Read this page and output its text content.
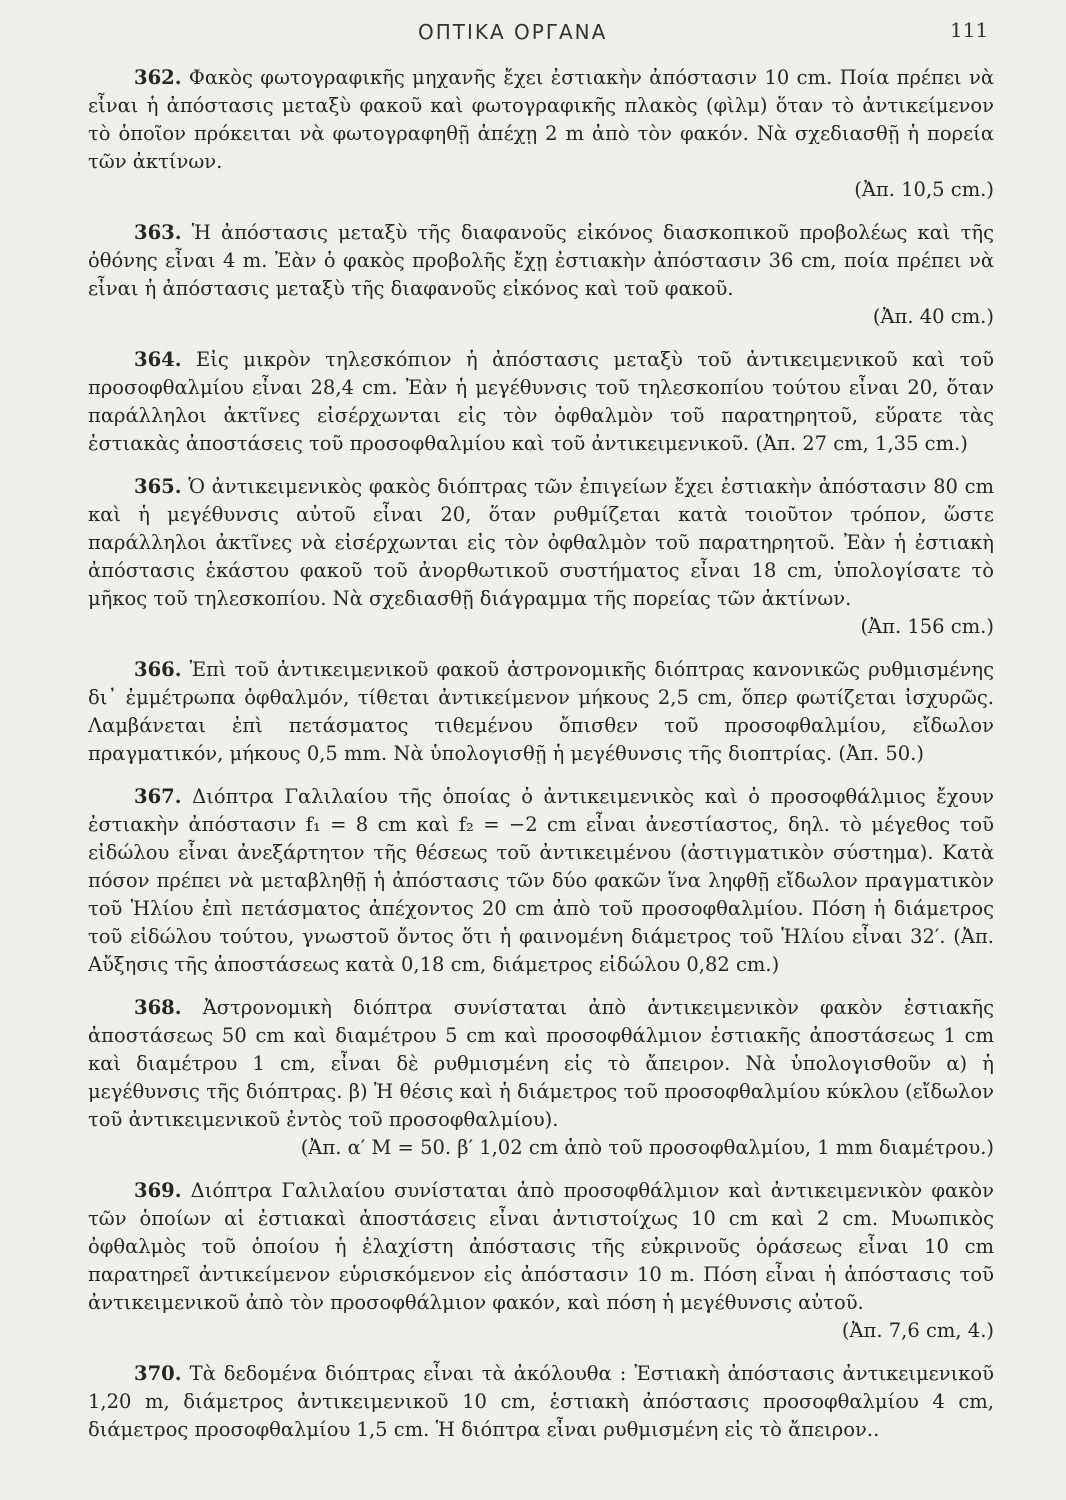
ΟΠΤΙΚΑ ΟΡΓΑΝΑ	111

362. Φακὸς φωτογραφικῆς μηχανῆς ἔχει ἐστιακὴν ἀπόστασιν 10 cm. Ποία πρέπει νὰ εἶναι ἡ ἀπόστασις μεταξὺ φακοῦ καὶ φωτογραφικῆς πλακὸς (φὶλμ) ὅταν τὸ ἀντικείμενον τὸ ὁποῖον πρόκειται νὰ φωτογραφηθῇ ἀπέχῃ 2 m ἀπὸ τὸν φακόν. Νὰ σχεδιασθῇ ἡ πορεία τῶν ἀκτίνων.
(Ἀπ. 10,5 cm.)

363. Ἡ ἀπόστασις μεταξὺ τῆς διαφανοῦς εἰκόνος διασκοπικοῦ προβολέως καὶ τῆς ὀθόνης εἶναι 4 m. Ἐὰν ὁ φακὸς προβολῆς ἔχῃ ἐστιακὴν ἀπόστασιν 36 cm, ποία πρέπει νὰ εἶναι ἡ ἀπόστασις μεταξὺ τῆς διαφανοῦς εἰκόνος καὶ τοῦ φακοῦ.
(Ἀπ. 40 cm.)

364. Εἰς μικρὸν τηλεσκόπιον ἡ ἀπόστασις μεταξὺ τοῦ ἀντικειμενικοῦ καὶ τοῦ προσοφθαλμίου εἶναι 28,4 cm. Ἐὰν ἡ μεγέθυνσις τοῦ τηλεσκοπίου τούτου εἶναι 20, ὅταν παράλληλοι ἀκτῖνες εἰσέρχωνται εἰς τὸν ὀφθαλμὸν τοῦ παρατηρητοῦ, εὕρατε τὰς ἐστιακὰς ἀποστάσεις τοῦ προσοφθαλμίου καὶ τοῦ ἀντικειμενικοῦ. (Ἀπ. 27 cm, 1,35 cm.)

365. Ὁ ἀντικειμενικὸς φακὸς διόπτρας τῶν ἐπιγείων ἔχει ἐστιακὴν ἀπόστασιν 80 cm καὶ ἡ μεγέθυνσις αὐτοῦ εἶναι 20, ὅταν ρυθμίζεται κατὰ τοιοῦτον τρόπον, ὥστε παράλληλοι ἀκτῖνες νὰ εἰσέρχωνται εἰς τὸν ὀφθαλμὸν τοῦ παρατηρητοῦ. Ἐὰν ἡ ἐστιακὴ ἀπόστασις ἑκάστου φακοῦ τοῦ ἀνορθωτικοῦ συστήματος εἶναι 18 cm, ὑπολογίσατε τὸ μῆκος τοῦ τηλεσκοπίου. Νὰ σχεδιασθῇ διάγραμμα τῆς πορείας τῶν ἀκτίνων.
(Ἀπ. 156 cm.)

366. Ἐπὶ τοῦ ἀντικειμενικοῦ φακοῦ ἀστρονομικῆς διόπτρας κανονικῶς ρυθμισμένης δι᾽ ἐμμέτρωπα ὀφθαλμόν, τίθεται ἀντικείμενον μήκους 2,5 cm, ὅπερ φωτίζεται ἰσχυρῶς. Λαμβάνεται ἐπὶ πετάσματος τιθεμένου ὄπισθεν τοῦ προσοφθαλμίου, εἴδωλον πραγματικόν, μήκους 0,5 mm. Νὰ ὑπολογισθῇ ἡ μεγέθυνσις τῆς διοπτρίας. (Ἀπ. 50.)

367. Διόπτρα Γαλιλαίου τῆς ὁποίας ὁ ἀντικειμενικὸς καὶ ὁ προσοφθάλμιος ἔχουν ἐστιακὴν ἀπόστασιν f₁ = 8 cm καὶ f₂ = −2 cm εἶναι ἀνεστίαστος, δηλ. τὸ μέγεθος τοῦ εἰδώλου εἶναι ἀνεξάρτητον τῆς θέσεως τοῦ ἀντικειμένου (ἀστιγματικὸν σύστημα). Κατὰ πόσον πρέπει νὰ μεταβληθῇ ἡ ἀπόστασις τῶν δύο φακῶν ἵνα ληφθῇ εἴδωλον πραγματικὸν τοῦ Ἡλίου ἐπὶ πετάσματος ἀπέχοντος 20 cm ἀπὸ τοῦ προσοφθαλμίου. Πόση ἡ διάμετρος τοῦ εἰδώλου τούτου, γνωστοῦ ὄντος ὅτι ἡ φαινομένη διάμετρος τοῦ Ἡλίου εἶναι 32′. (Ἀπ. Αὔξησις τῆς ἀποστάσεως κατὰ 0,18 cm, διάμετρος εἰδώλου 0,82 cm.)

368. Ἀστρονομικὴ διόπτρα συνίσταται ἀπὸ ἀντικειμενικὸν φακὸν ἐστιακῆς ἀποστάσεως 50 cm καὶ διαμέτρου 5 cm καὶ προσοφθάλμιον ἐστιακῆς ἀποστάσεως 1 cm καὶ διαμέτρου 1 cm, εἶναι δὲ ρυθμισμένη εἰς τὸ ἄπειρον. Νὰ ὑπολογισθοῦν α) ἡ μεγέθυνσις τῆς διόπτρας. β) Ἡ θέσις καὶ ἡ διάμετρος τοῦ προσοφθαλμίου κύκλου (εἴδωλον τοῦ ἀντικειμενικοῦ ἐντὸς τοῦ προσοφθαλμίου).
(Ἀπ. α′ Μ = 50. β′ 1,02 cm ἀπὸ τοῦ προσοφθαλμίου, 1 mm διαμέτρου.)

369. Διόπτρα Γαλιλαίου συνίσταται ἀπὸ προσοφθάλμιον καὶ ἀντικειμενικὸν φακὸν τῶν ὁποίων αἱ ἐστιακαὶ ἀποστάσεις εἶναι ἀντιστοίχως 10 cm καὶ 2 cm. Μυωπικὸς ὀφθαλμὸς τοῦ ὁποίου ἡ ἐλαχίστη ἀπόστασις τῆς εὐκρινοῦς ὁράσεως εἶναι 10 cm παρατηρεῖ ἀντικείμενον εὑρισκόμενον εἰς ἀπόστασιν 10 m. Πόση εἶναι ἡ ἀπόστασις τοῦ ἀντικειμενικοῦ ἀπὸ τὸν προσοφθάλμιον φακόν, καὶ πόση ἡ μεγέθυνσις αὐτοῦ.
(Ἀπ. 7,6 cm, 4.)

370. Τὰ δεδομένα διόπτρας εἶναι τὰ ἀκόλουθα : Ἑστιακὴ ἀπόστασις ἀντικειμενικοῦ 1,20 m, διάμετρος ἀντικειμενικοῦ 10 cm, ἑστιακὴ ἀπόστασις προσοφθαλμίου 4 cm, διάμετρος προσοφθαλμίου 1,5 cm. Ἡ διόπτρα εἶναι ρυθμισμένη εἰς τὸ ἄπειρον..
